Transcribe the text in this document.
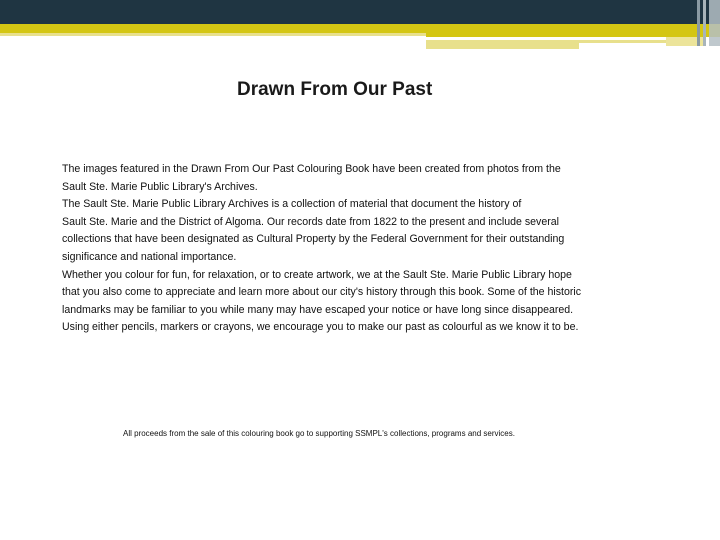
Drawn From Our Past
The images featured in the Drawn From Our Past Colouring Book have been created from photos from the
Sault Ste. Marie Public Library's Archives.
The Sault Ste. Marie Public Library Archives is a collection of material that document the history of
Sault Ste. Marie and the District of Algoma. Our records date from 1822 to the present and include several
collections that have been designated as Cultural Property by the Federal Government for their outstanding
significance and national importance.
Whether you colour for fun, for relaxation, or to create artwork, we at the Sault Ste. Marie Public Library hope
that you also come to appreciate and learn more about our city's history through this book. Some of the historic
landmarks may be familiar to you while many may have escaped your notice or have long since disappeared.
Using either pencils, markers or crayons, we encourage you to make our past as colourful as we know it to be.
All proceeds from the sale of this colouring book go to supporting SSMPL's collections, programs and services.
